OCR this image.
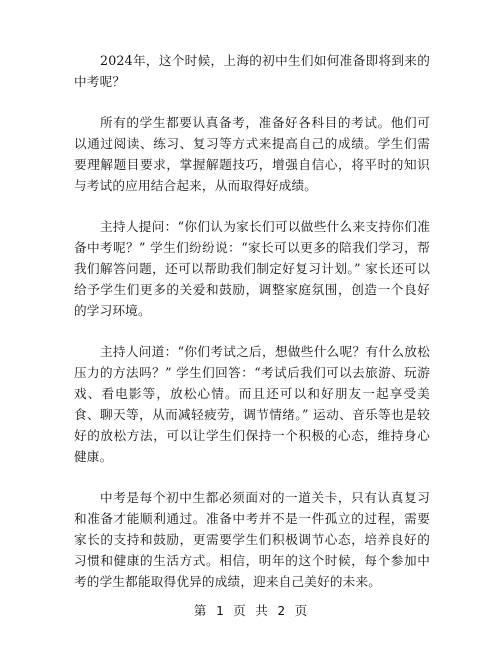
2024年，这个时候，上海的初中生们如何准备即将到来的中考呢？

所有的学生都要认真备考，准备好各科目的考试。他们可以通过阅读、练习、复习等方式来提高自己的成绩。学生们需要理解题目要求，掌握解题技巧，增强自信心，将平时的知识与考试的应用结合起来，从而取得好成绩。

主持人提问：“你们认为家长们可以做些什么来支持你们准备中考呢？” 学生们纷纷说：“家长可以更多的陪我们学习，帮我们解答问题，还可以帮助我们制定好复习计划。” 家长还可以给予学生们更多的关爱和鼓励，调整家庭氛围，创造一个良好的学习环境。

主持人问道：“你们考试之后，想做些什么呢？有什么放松压力的方法吗？” 学生们回答：“考试后我们可以去旅游、玩游戏、看电影等，放松心情。而且还可以和好朋友一起享受美食、聊天等，从而减轻疲劳，调节情绪。” 运动、音乐等也是较好的放松方法，可以让学生们保持一个积极的心态，维持身心健康。

中考是每个初中生都必须面对的一道关卡，只有认真复习和准备才能顺利通过。准备中考并不是一件孤立的过程，需要家长的支持和鼓励，更需要学生们积极调节心态，培养良好的习惯和健康的生活方式。相信，明年的这个时候，每个参加中考的学生都能取得优异的成绩，迎来自己美好的未来。

第 1 页 共 2 页
